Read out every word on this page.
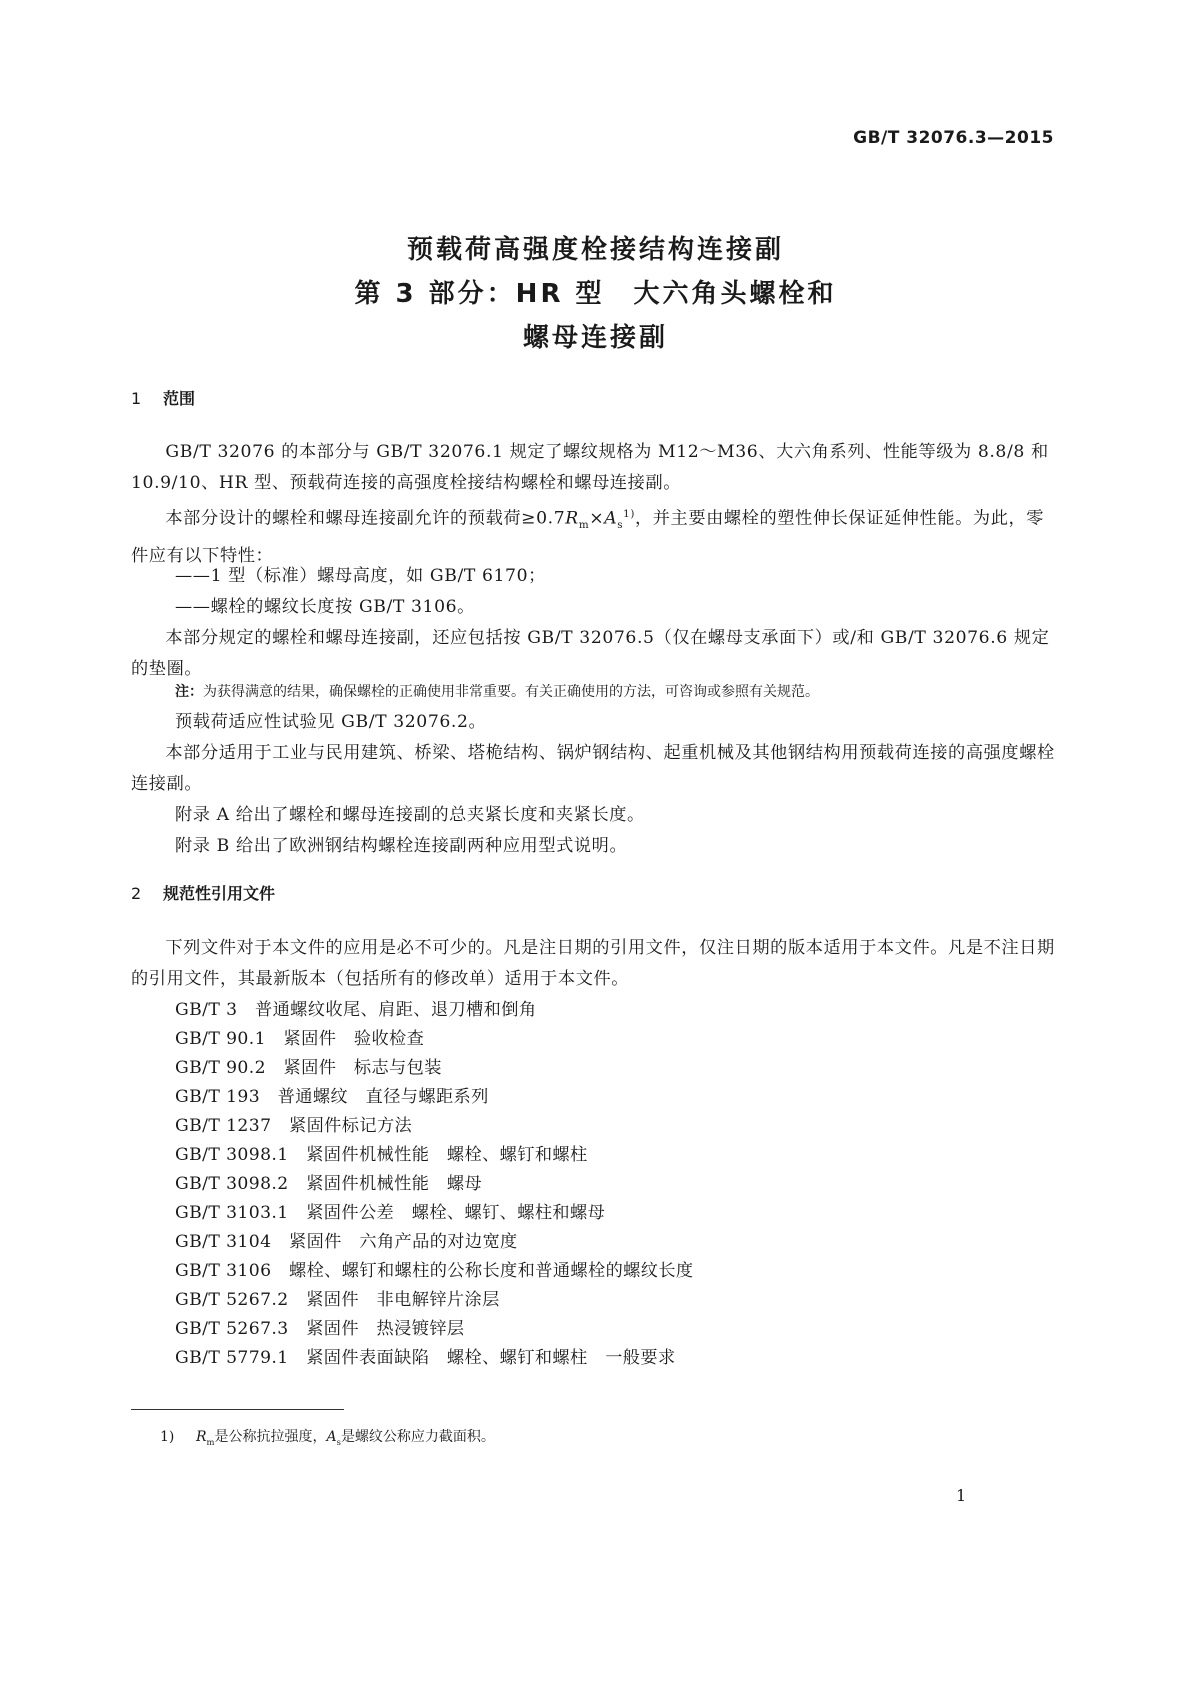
GB/T 32076.3—2015
预载荷高强度栓接结构连接副
第 3 部分：HR 型　大六角头螺栓和
螺母连接副
1 范围

GB/T 32076 的本部分与 GB/T 32076.1 规定了螺纹规格为 M12～M36、大六角系列、性能等级为 8.8/8 和 10.9/10、HR 型、预载荷连接的高强度栓接结构螺栓和螺母连接副。

本部分设计的螺栓和螺母连接副允许的预载荷$\ge 0.7R_m\times A_s^{1)}$，并主要由螺栓的塑性伸长保证延伸性能。为此，零件应有以下特性：

——1 型（标准）螺母高度，如 GB/T 6170；
——螺栓的螺纹长度按 GB/T 3106。

本部分规定的螺栓和螺母连接副，还应包括按 GB/T 32076.5（仅在螺母支承面下）或/和 GB/T 32076.6 规定的垫圈。

注：为获得满意的结果，确保螺栓的正确使用非常重要。有关正确使用的方法，可咨询或参照有关规范。
预载荷适应性试验见 GB/T 32076.2。

本部分适用于工业与民用建筑、桥梁、塔桅结构、锅炉钢结构、起重机械及其他钢结构用预载荷连接的高强度螺栓连接副。

附录 A 给出了螺栓和螺母连接副的总夹紧长度和夹紧长度。
附录 B 给出了欧洲钢结构螺栓连接副两种应用型式说明。
2 规范性引用文件

下列文件对于本文件的应用是必不可少的。凡是注日期的引用文件，仅注日期的版本适用于本文件。凡是不注日期的引用文件，其最新版本（包括所有的修改单）适用于本文件。

GB/T 3　普通螺纹收尾、肩距、退刀槽和倒角
GB/T 90.1　紧固件　验收检查
GB/T 90.2　紧固件　标志与包装
GB/T 193　普通螺纹　直径与螺距系列
GB/T 1237　紧固件标记方法
GB/T 3098.1　紧固件机械性能　螺栓、螺钉和螺柱
GB/T 3098.2　紧固件机械性能　螺母
GB/T 3103.1　紧固件公差　螺栓、螺钉、螺柱和螺母
GB/T 3104　紧固件　六角产品的对边宽度
GB/T 3106　螺栓、螺钉和螺柱的公称长度和普通螺栓的螺纹长度
GB/T 5267.2　紧固件　非电解锌片涂层
GB/T 5267.3　紧固件　热浸镀锌层
GB/T 5779.1　紧固件表面缺陷　螺栓、螺钉和螺柱　一般要求
1) $R_m$是公称抗拉强度，$A_s$是螺纹公称应力截面积。
1
